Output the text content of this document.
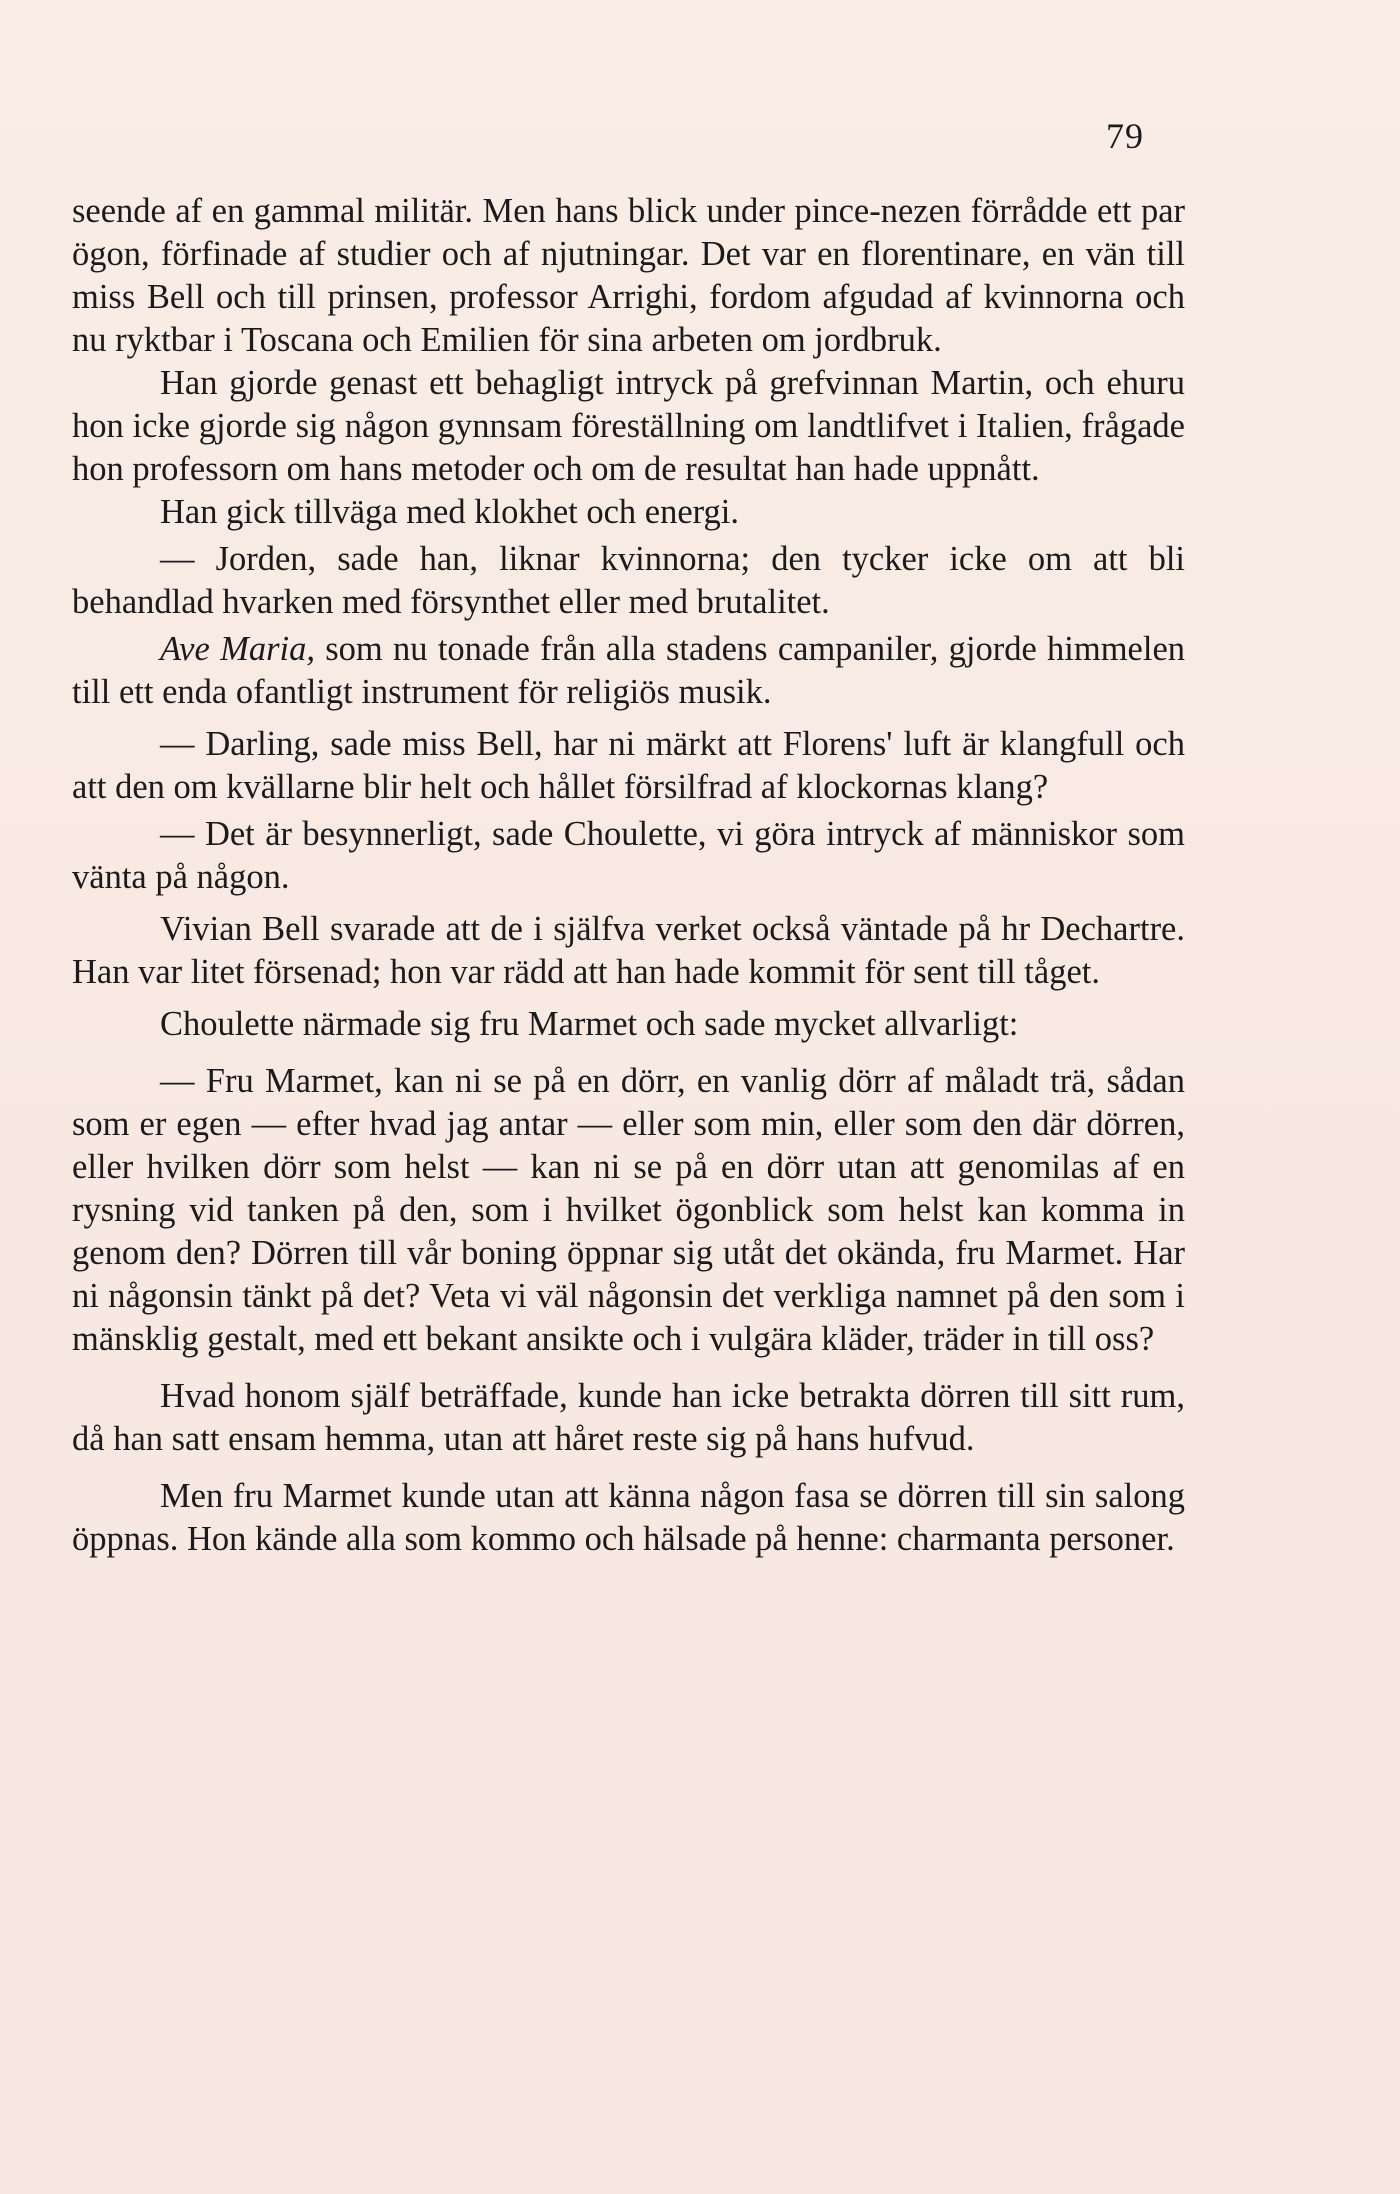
79

seende af en gammal militär. Men hans blick under pince-nezen förrådde ett par ögon, förfinade af studier och af njutningar. Det var en florentinare, en vän till miss Bell och till prinsen, professor Arrighi, fordom afgudad af kvinnorna och nu ryktbar i Toscana och Emilien för sina arbeten om jordbruk.

Han gjorde genast ett behagligt intryck på grefvinnan Martin, och ehuru hon icke gjorde sig någon gynnsam föreställning om landtlifvet i Italien, frågade hon professorn om hans metoder och om de resultat han hade uppnått.

Han gick tillväga med klokhet och energi.

— Jorden, sade han, liknar kvinnorna; den tycker icke om att bli behandlad hvarken med försynthet eller med brutalitet.

Ave Maria, som nu tonade från alla stadens campaniler, gjorde himmelen till ett enda ofantligt instrument för religiös musik.

— Darling, sade miss Bell, har ni märkt att Florens' luft är klangfull och att den om kvällarne blir helt och hållet försilfrad af klockornas klang?

— Det är besynnerligt, sade Choulette, vi göra intryck af människor som vänta på någon.

Vivian Bell svarade att de i själfva verket också väntade på hr Dechartre. Han var litet försenad; hon var rädd att han hade kommit för sent till tåget.

Choulette närmade sig fru Marmet och sade mycket allvarligt:

— Fru Marmet, kan ni se på en dörr, en vanlig dörr af måladt trä, sådan som er egen — efter hvad jag antar — eller som min, eller som den där dörren, eller hvilken dörr som helst — kan ni se på en dörr utan att genomilas af en rysning vid tanken på den, som i hvilket ögonblick som helst kan komma in genom den? Dörren till vår boning öppnar sig utåt det okända, fru Marmet. Har ni någonsin tänkt på det? Veta vi väl någonsin det verkliga namnet på den som i mänsklig gestalt, med ett bekant ansikte och i vulgära kläder, träder in till oss?

Hvad honom själf beträffade, kunde han icke betrakta dörren till sitt rum, då han satt ensam hemma, utan att håret reste sig på hans hufvud.

Men fru Marmet kunde utan att känna någon fasa se dörren till sin salong öppnas. Hon kände alla som kommo och hälsade på henne: charmanta personer.
